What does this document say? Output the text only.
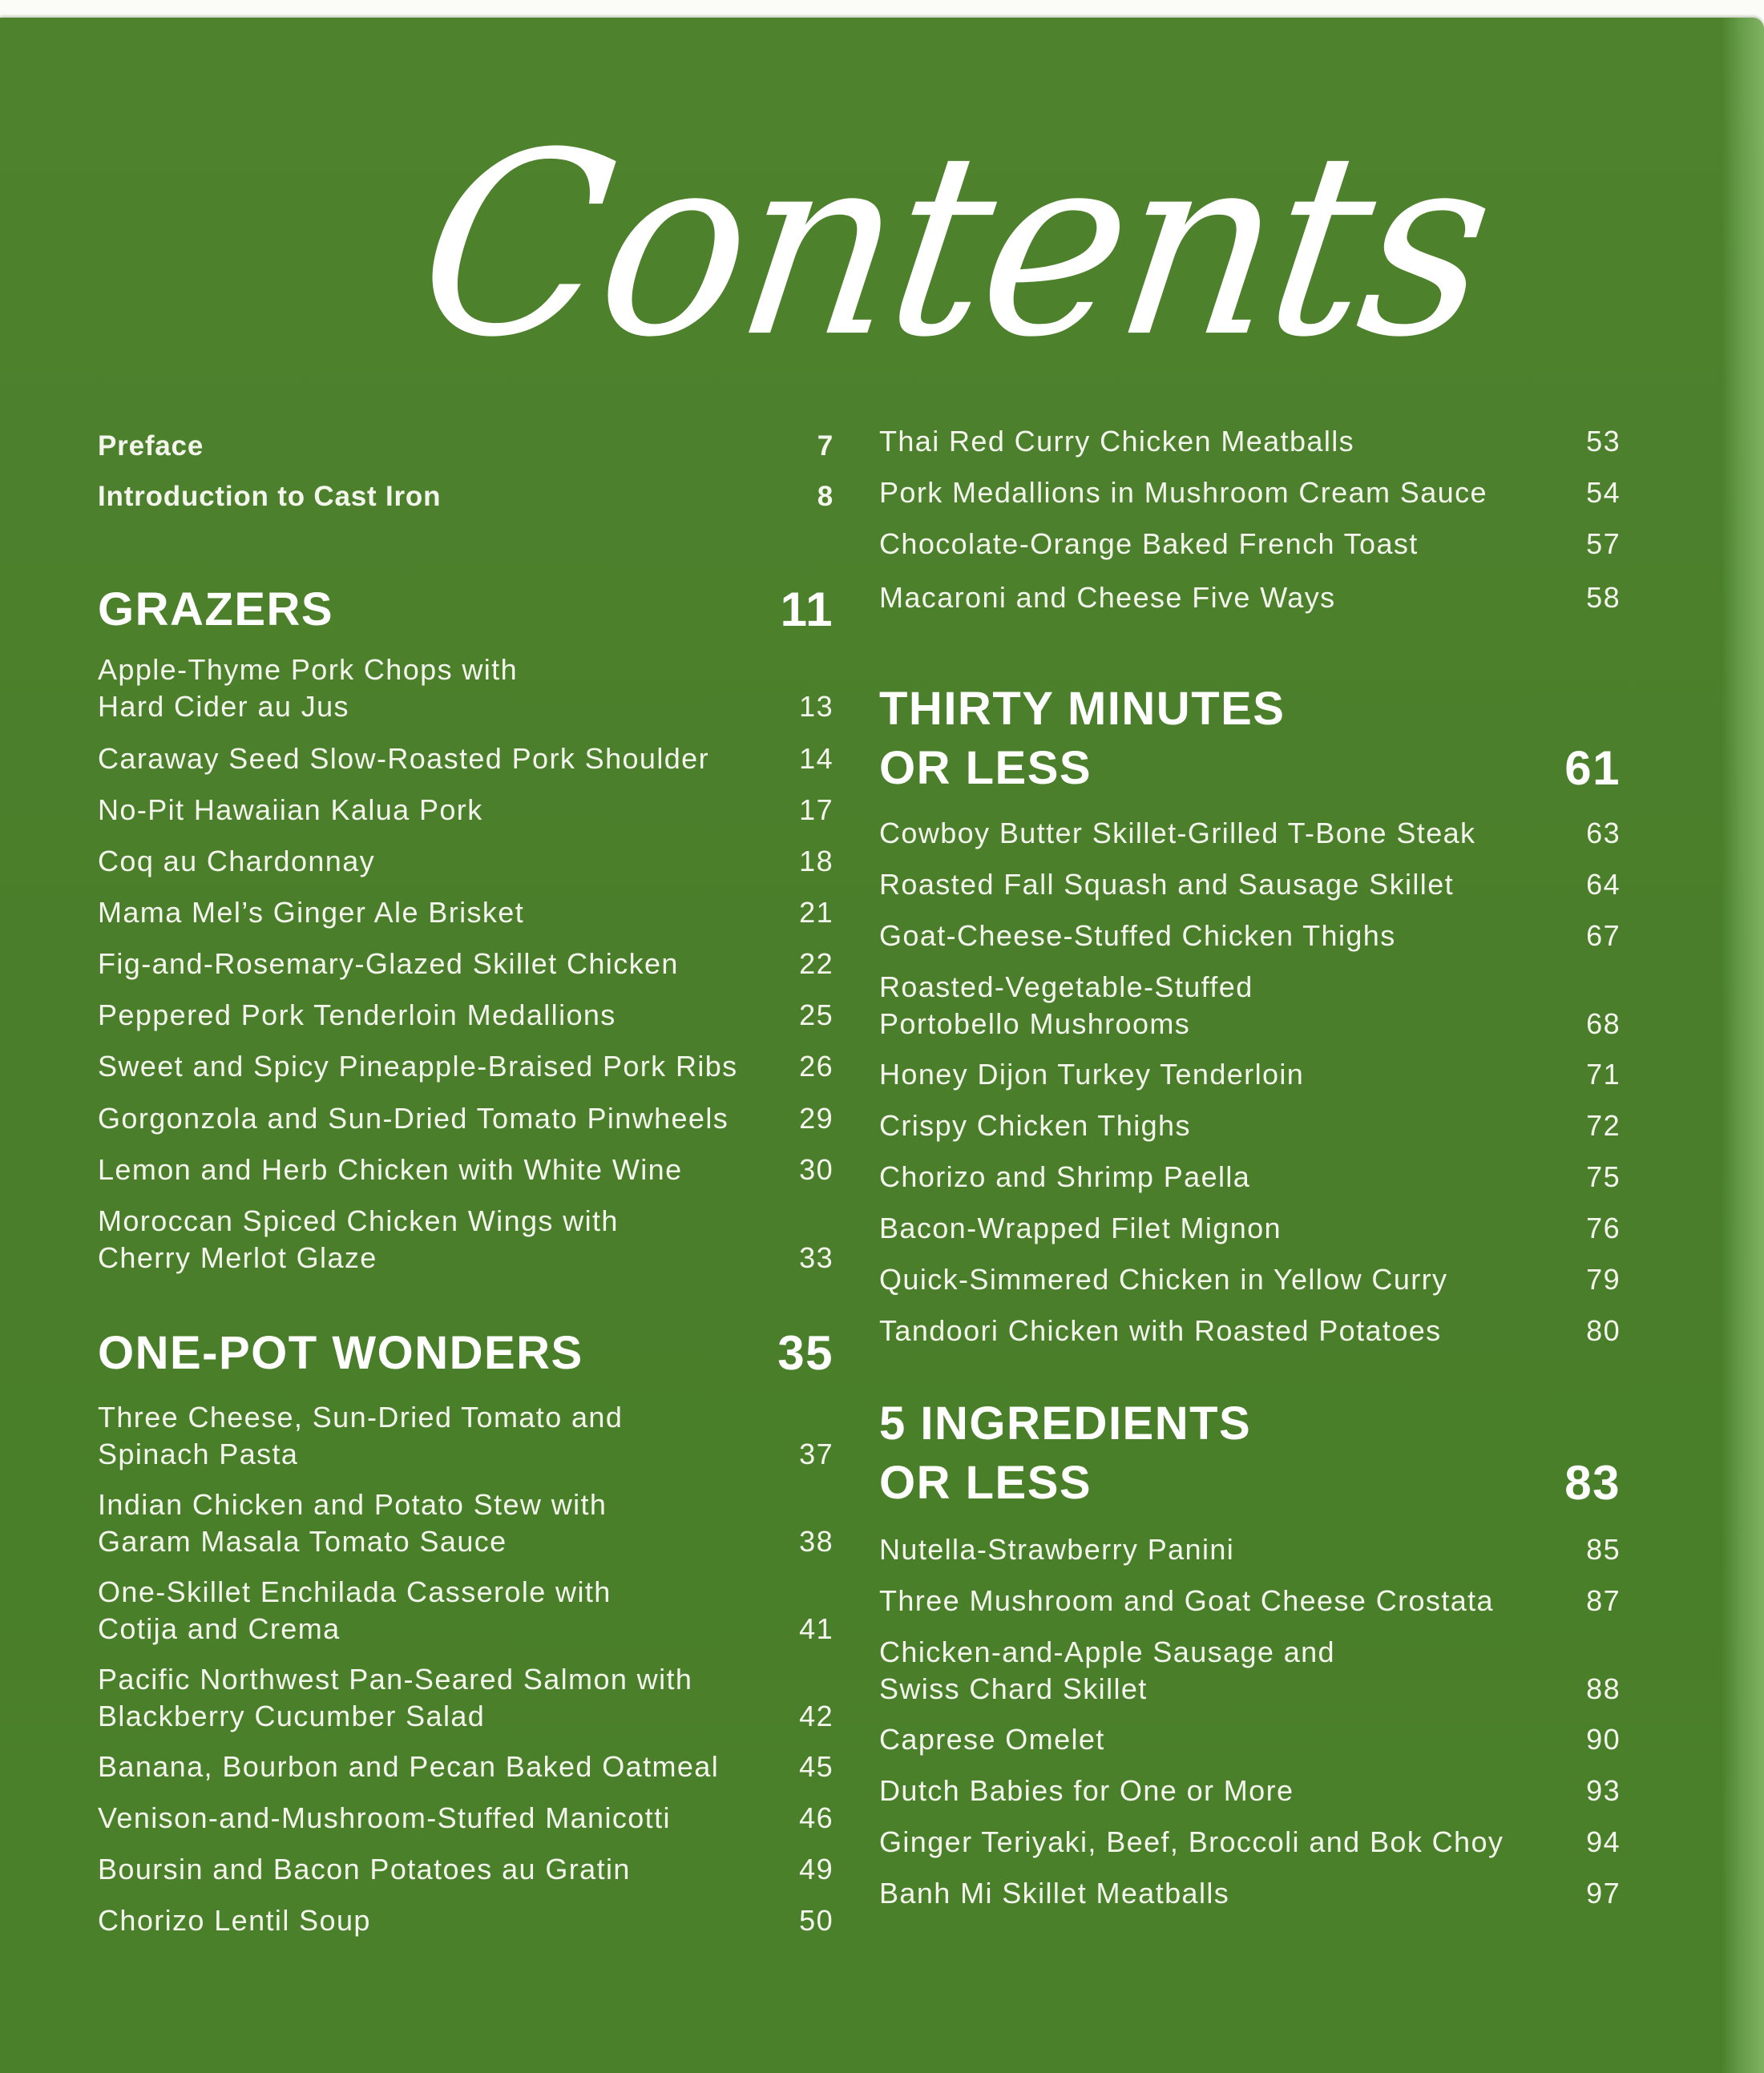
Contents
Preface	7
Introduction to Cast Iron	8
GRAZERS	11
Apple-Thyme Pork Chops with
Hard Cider au Jus	13
Caraway Seed Slow-Roasted Pork Shoulder	14
No-Pit Hawaiian Kalua Pork	17
Coq au Chardonnay	18
Mama Mel’s Ginger Ale Brisket	21
Fig-and-Rosemary-Glazed Skillet Chicken	22
Peppered Pork Tenderloin Medallions	25
Sweet and Spicy Pineapple-Braised Pork Ribs	26
Gorgonzola and Sun-Dried Tomato Pinwheels	29
Lemon and Herb Chicken with White Wine	30
Moroccan Spiced Chicken Wings with
Cherry Merlot Glaze	33
ONE-POT WONDERS	35
Three Cheese, Sun-Dried Tomato and
Spinach Pasta	37
Indian Chicken and Potato Stew with
Garam Masala Tomato Sauce	38
One-Skillet Enchilada Casserole with
Cotija and Crema	41
Pacific Northwest Pan-Seared Salmon with
Blackberry Cucumber Salad	42
Banana, Bourbon and Pecan Baked Oatmeal	45
Venison-and-Mushroom-Stuffed Manicotti	46
Boursin and Bacon Potatoes au Gratin	49
Chorizo Lentil Soup	50
Thai Red Curry Chicken Meatballs	53
Pork Medallions in Mushroom Cream Sauce	54
Chocolate-Orange Baked French Toast	57
Macaroni and Cheese Five Ways	58
THIRTY MINUTES
OR LESS	61
Cowboy Butter Skillet-Grilled T-Bone Steak	63
Roasted Fall Squash and Sausage Skillet	64
Goat-Cheese-Stuffed Chicken Thighs	67
Roasted-Vegetable-Stuffed
Portobello Mushrooms	68
Honey Dijon Turkey Tenderloin	71
Crispy Chicken Thighs	72
Chorizo and Shrimp Paella	75
Bacon-Wrapped Filet Mignon	76
Quick-Simmered Chicken in Yellow Curry	79
Tandoori Chicken with Roasted Potatoes	80
5 INGREDIENTS
OR LESS	83
Nutella-Strawberry Panini	85
Three Mushroom and Goat Cheese Crostata	87
Chicken-and-Apple Sausage and
Swiss Chard Skillet	88
Caprese Omelet	90
Dutch Babies for One or More	93
Ginger Teriyaki, Beef, Broccoli and Bok Choy	94
Banh Mi Skillet Meatballs	97
